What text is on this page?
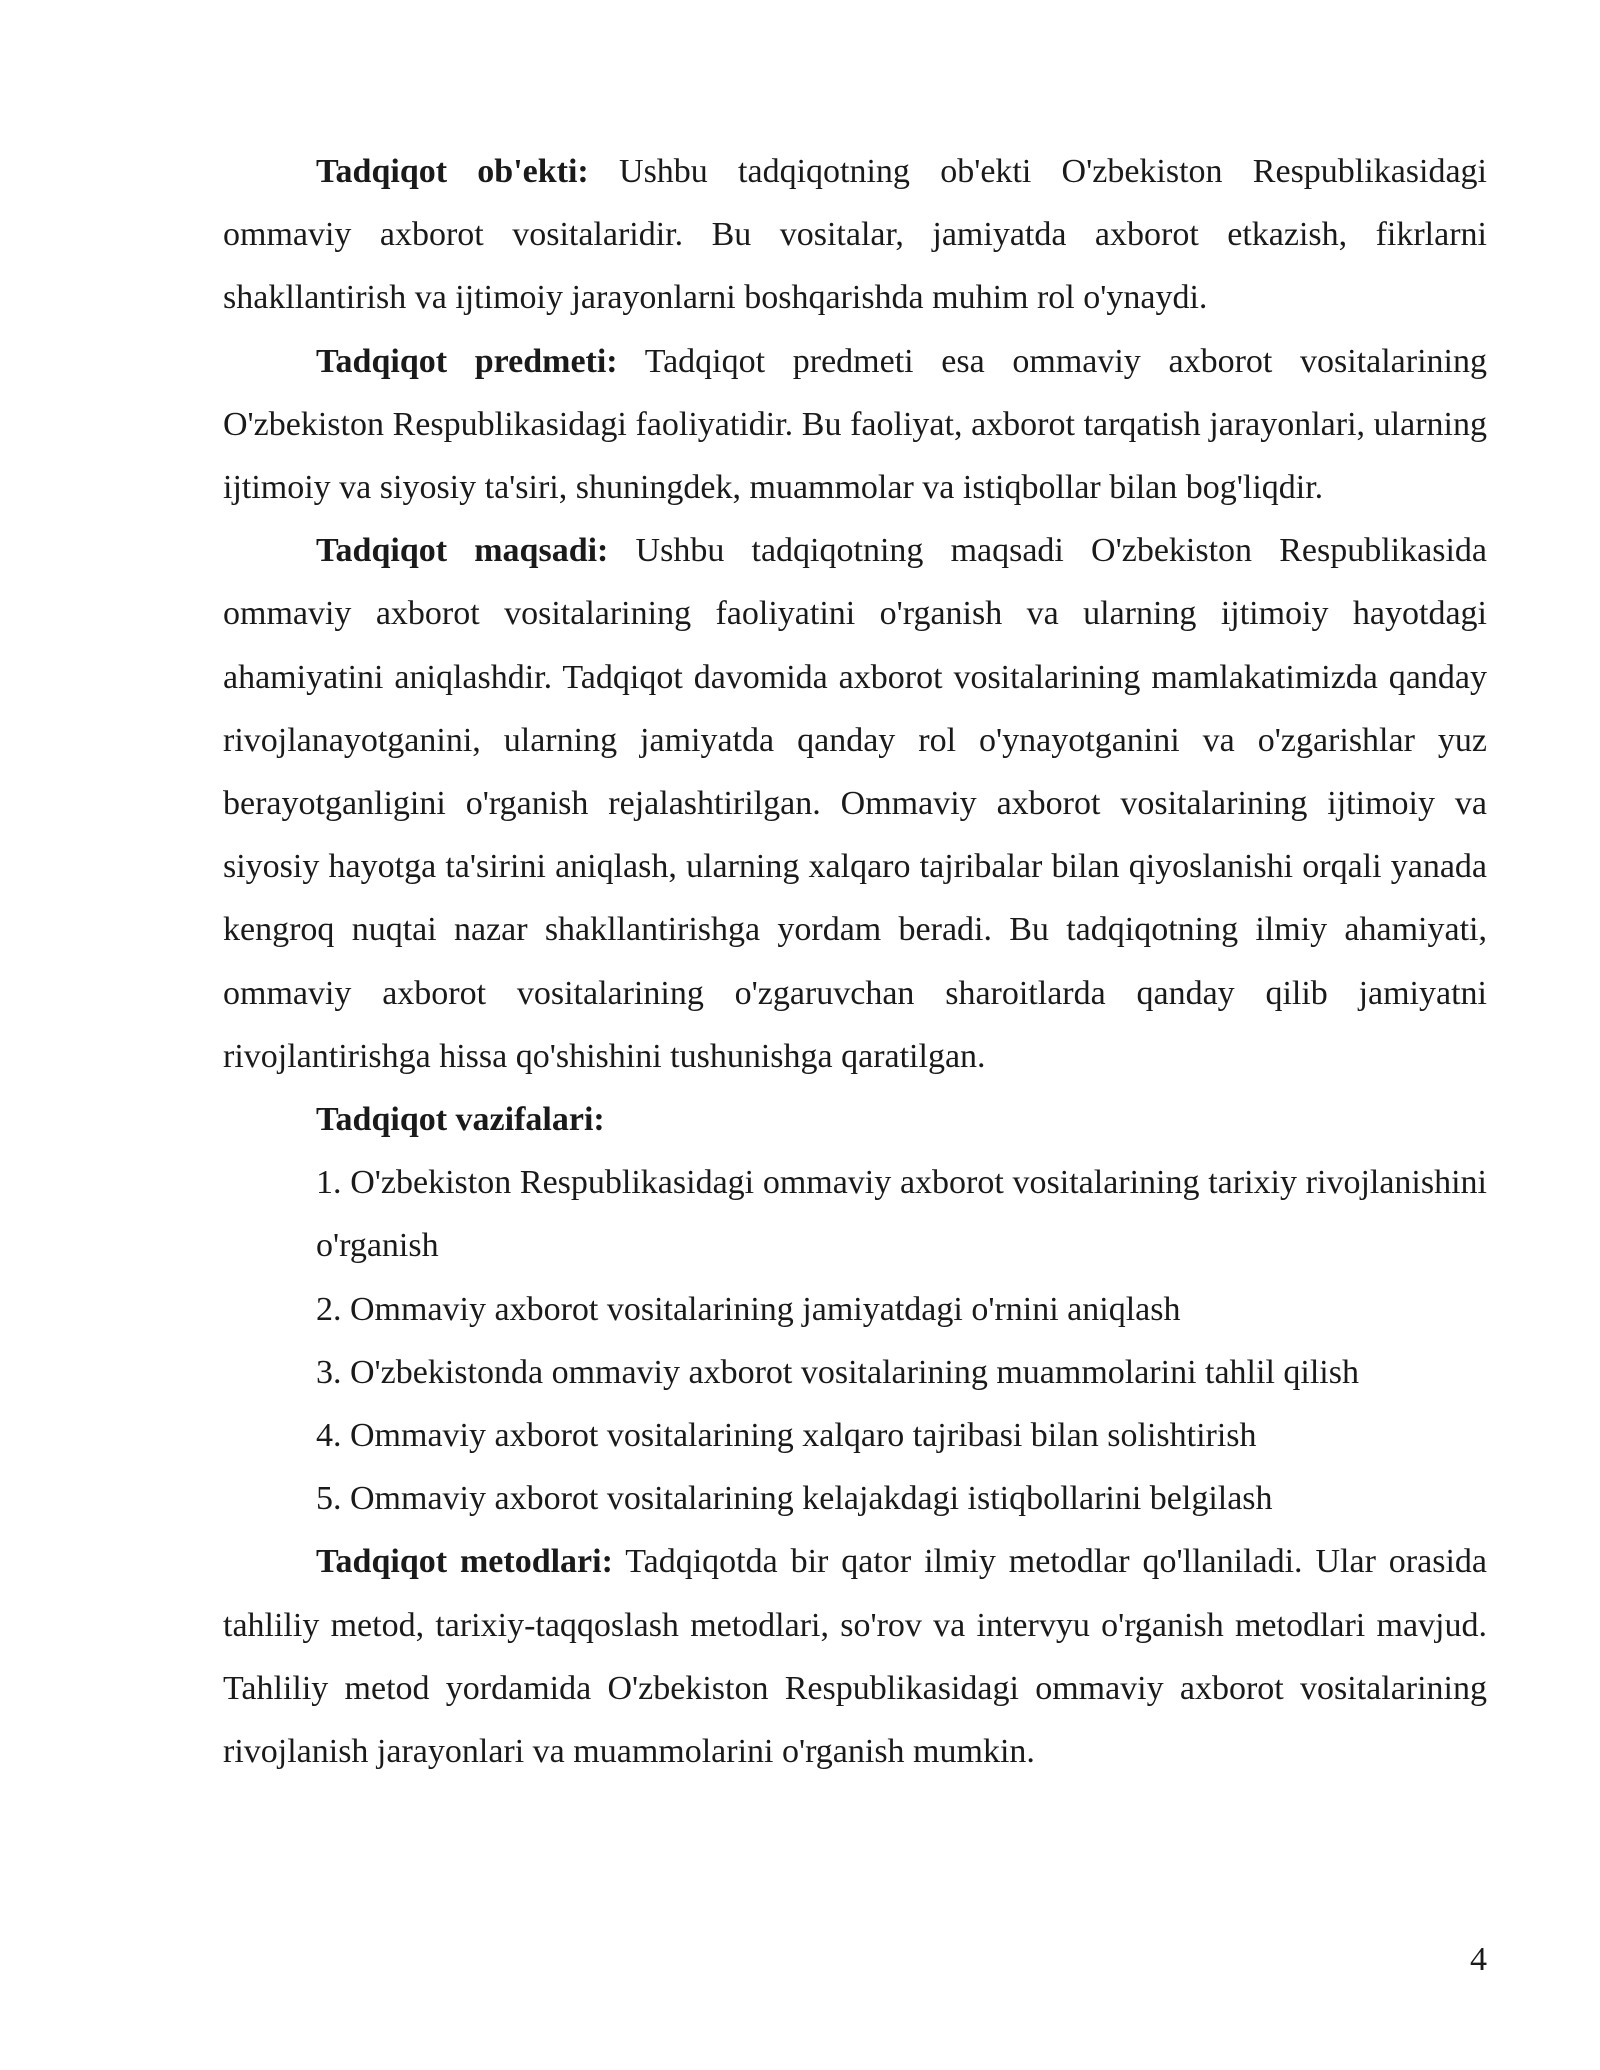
Tadqiqot ob'ekti: Ushbu tadqiqotning ob'ekti O'zbekiston Respublikasidagi ommaviy axborot vositalaridir. Bu vositalar, jamiyatda axborot etkazish, fikrlarni shakllantirish va ijtimoiy jarayonlarni boshqarishda muhim rol o'ynaydi.

Tadqiqot predmeti: Tadqiqot predmeti esa ommaviy axborot vositalarining O'zbekiston Respublikasidagi faoliyatidir. Bu faoliyat, axborot tarqatish jarayonlari, ularning ijtimoiy va siyosiy ta'siri, shuningdek, muammolar va istiqbollar bilan bog'liqdir.

Tadqiqot maqsadi: Ushbu tadqiqotning maqsadi O'zbekiston Respublikasida ommaviy axborot vositalarining faoliyatini o'rganish va ularning ijtimoiy hayotdagi ahamiyatini aniqlashdir. Tadqiqot davomida axborot vositalarining mamlakatimizda qanday rivojlanayotganini, ularning jamiyatda qanday rol o'ynayotganini va o'zgarishlar yuz berayotganligini o'rganish rejalashtirilgan. Ommaviy axborot vositalarining ijtimoiy va siyosiy hayotga ta'sirini aniqlash, ularning xalqaro tajribalar bilan qiyoslanishi orqali yanada kengroq nuqtai nazar shakllantirishga yordam beradi. Bu tadqiqotning ilmiy ahamiyati, ommaviy axborot vositalarining o'zgaruvchan sharoitlarda qanday qilib jamiyatni rivojlantirishga hissa qo'shishini tushunishga qaratilgan.

Tadqiqot vazifalari:

1. O'zbekiston Respublikasidagi ommaviy axborot vositalarining tarixiy rivojlanishini o'rganish

2. Ommaviy axborot vositalarining jamiyatdagi o'rnini aniqlash

3. O'zbekistonda ommaviy axborot vositalarining muammolarini tahlil qilish

4. Ommaviy axborot vositalarining xalqaro tajribasi bilan solishtirish

5. Ommaviy axborot vositalarining kelajakdagi istiqbollarini belgilash

Tadqiqot metodlari: Tadqiqotda bir qator ilmiy metodlar qo'llaniladi. Ular orasida tahliliy metod, tarixiy-taqqoslash metodlari, so'rov va intervyu o'rganish metodlari mavjud. Tahliliy metod yordamida O'zbekiston Respublikasidagi ommaviy axborot vositalarining rivojlanish jarayonlari va muammolarini o'rganish mumkin.

4
